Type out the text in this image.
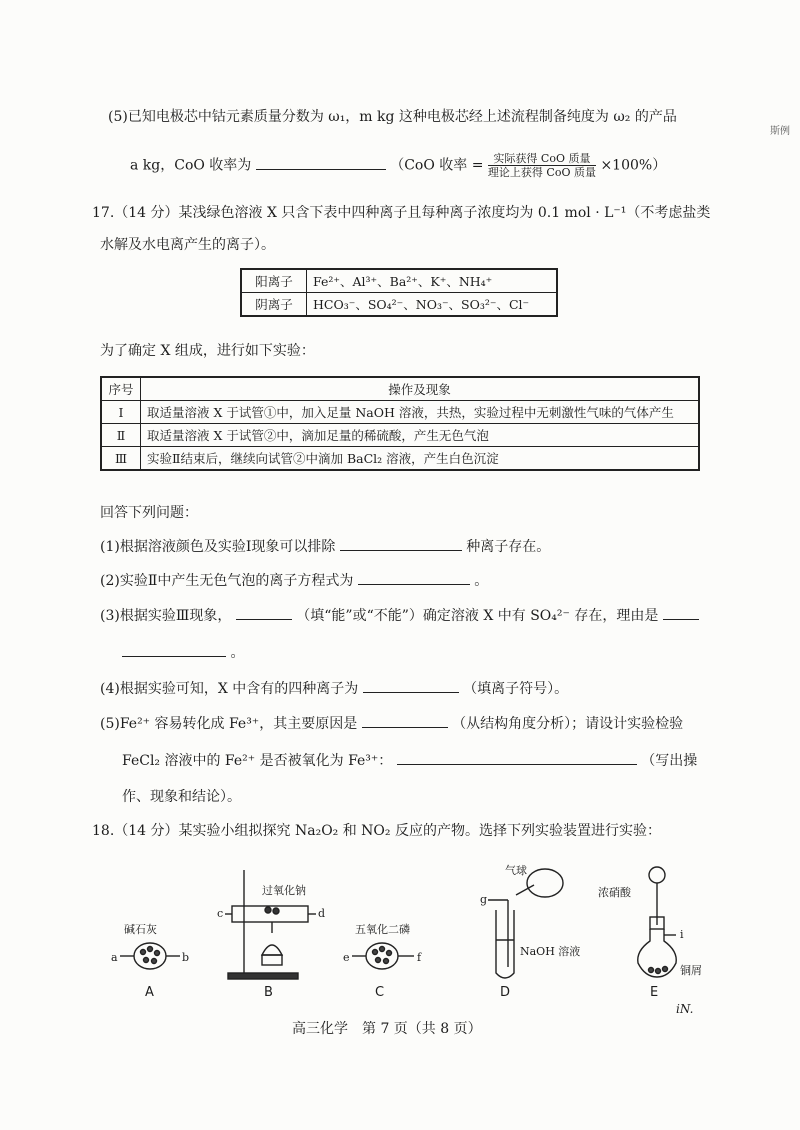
(5)已知电极芯中钴元素质量分数为 ω₁，m kg 这种电极芯经上述流程制备纯度为 ω₂ 的产品
a kg，CoO 收率为	（CoO 收率 = $\frac{\text{实际获得 CoO 质量}}{\text{理论上获得 CoO 质量}} \times 100\%$）
斯例
17.（14 分）某浅绿色溶液 X 只含下表中四种离子且每种离子浓度均为 0.1 mol · L⁻¹（不考虑盐类
水解及水电离产生的离子）。
阳离子	Fe²⁺、Al³⁺、Ba²⁺、K⁺、NH₄⁺
阴离子	HCO₃⁻、SO₄²⁻、NO₃⁻、SO₃²⁻、Cl⁻
为了确定 X 组成，进行如下实验：
序号	操作及现象
Ⅰ	取适量溶液 X 于试管①中，加入足量 NaOH 溶液，共热，实验过程中无刺激性气味的气体产生
Ⅱ	取适量溶液 X 于试管②中，滴加足量的稀硫酸，产生无色气泡
Ⅲ	实验Ⅱ结束后，继续向试管②中滴加 BaCl₂ 溶液，产生白色沉淀
回答下列问题：
(1)根据溶液颜色及实验Ⅰ现象可以排除	种离子存在。
(2)实验Ⅱ中产生无色气泡的离子方程式为	。
(3)根据实验Ⅲ现象，	（填“能”或“不能”）确定溶液 X 中有 SO₄²⁻ 存在，理由是
。
(4)根据实验可知，X 中含有的四种离子为	（填离子符号）。
(5)Fe²⁺ 容易转化成 Fe³⁺，其主要原因是	（从结构角度分析）；请设计实验检验
FeCl₂ 溶液中的 Fe²⁺ 是否被氧化为 Fe³⁺：	（写出操
作、现象和结论）。
18.（14 分）某实验小组拟探究 Na₂O₂ 和 NO₂ 反应的产物。选择下列实验装置进行实验：
碱石灰
a	b
A
过氧化钠
c	d
B
五氧化二磷
e	f
C
气球
g
NaOH 溶液
D
浓硝酸
i
铜屑
E
高三化学　第 7 页（共 8 页）
iN.
